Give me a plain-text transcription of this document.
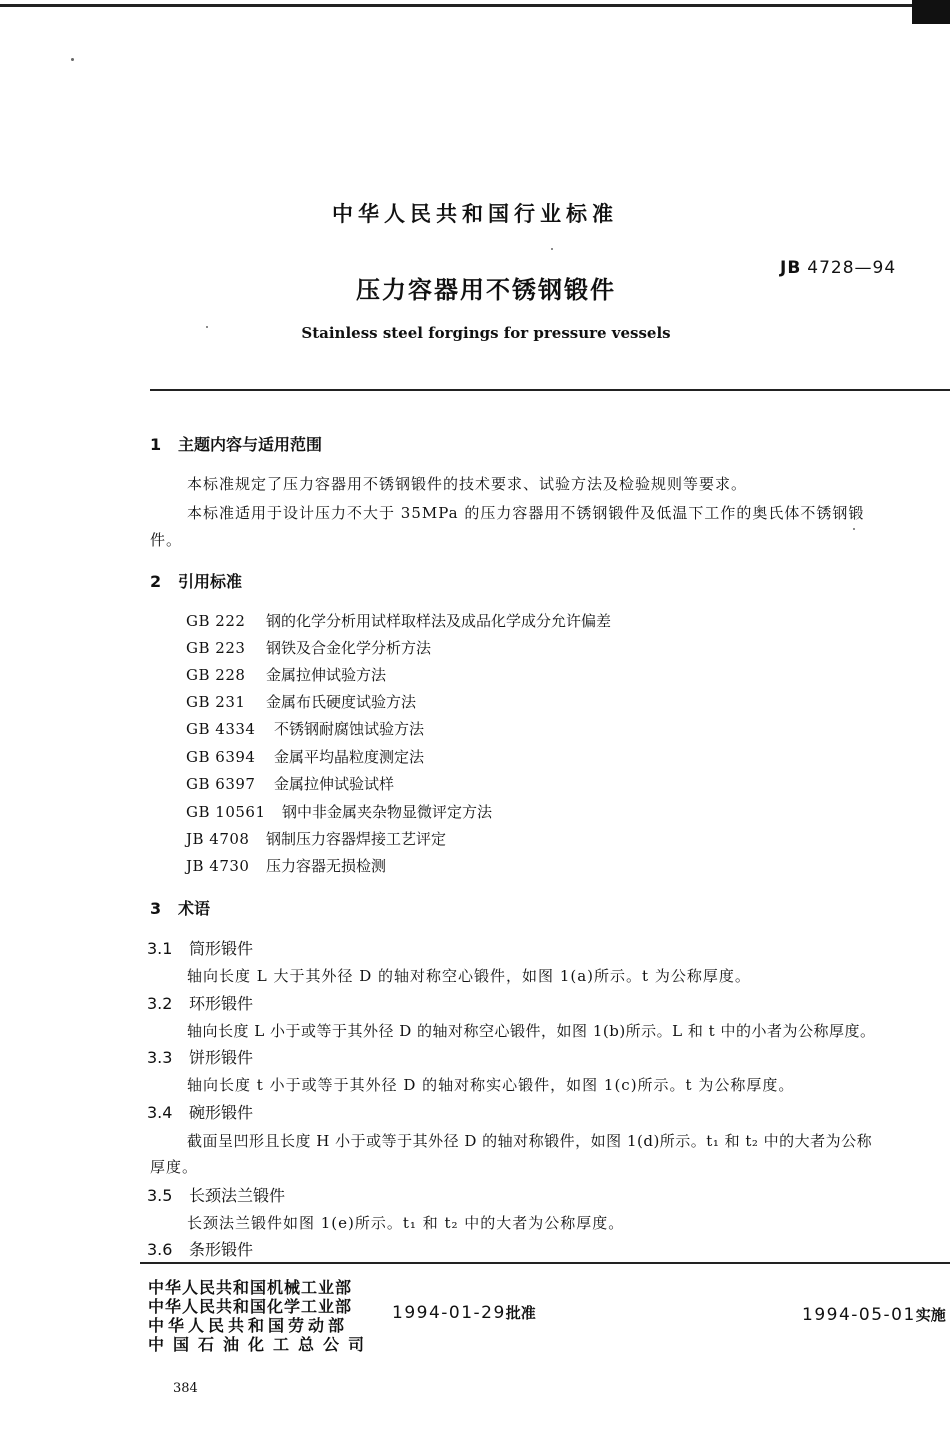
中华人民共和国行业标准
JB 4728—94
压力容器用不锈钢锻件
Stainless steel forgings for pressure vessels
1 主题内容与适用范围
本标准规定了压力容器用不锈钢锻件的技术要求、试验方法及检验规则等要求。
本标准适用于设计压力不大于 35MPa 的压力容器用不锈钢锻件及低温下工作的奥氏体不锈钢锻
件。
2 引用标准
GB 222 钢的化学分析用试样取样法及成品化学成分允许偏差
GB 223 钢铁及合金化学分析方法
GB 228 金属拉伸试验方法
GB 231 金属布氏硬度试验方法
GB 4334 不锈钢耐腐蚀试验方法
GB 6394 金属平均晶粒度测定法
GB 6397 金属拉伸试验试样
GB 10561 钢中非金属夹杂物显微评定方法
JB 4708 钢制压力容器焊接工艺评定
JB 4730 压力容器无损检测
3 术语
3.1 筒形锻件
轴向长度 L 大于其外径 D 的轴对称空心锻件，如图 1(a)所示。t 为公称厚度。
3.2 环形锻件
轴向长度 L 小于或等于其外径 D 的轴对称空心锻件，如图 1(b)所示。L 和 t 中的小者为公称厚度。
3.3 饼形锻件
轴向长度 t 小于或等于其外径 D 的轴对称实心锻件，如图 1(c)所示。t 为公称厚度。
3.4 碗形锻件
截面呈凹形且长度 H 小于或等于其外径 D 的轴对称锻件，如图 1(d)所示。t₁ 和 t₂ 中的大者为公称
厚度。
3.5 长颈法兰锻件
长颈法兰锻件如图 1(e)所示。t₁ 和 t₂ 中的大者为公称厚度。
3.6 条形锻件
中华人民共和国机械工业部
中华人民共和国化学工业部
中华人民共和国劳动部
中国石油化工总公司
1994-01-29批准	1994-05-01实施
384
